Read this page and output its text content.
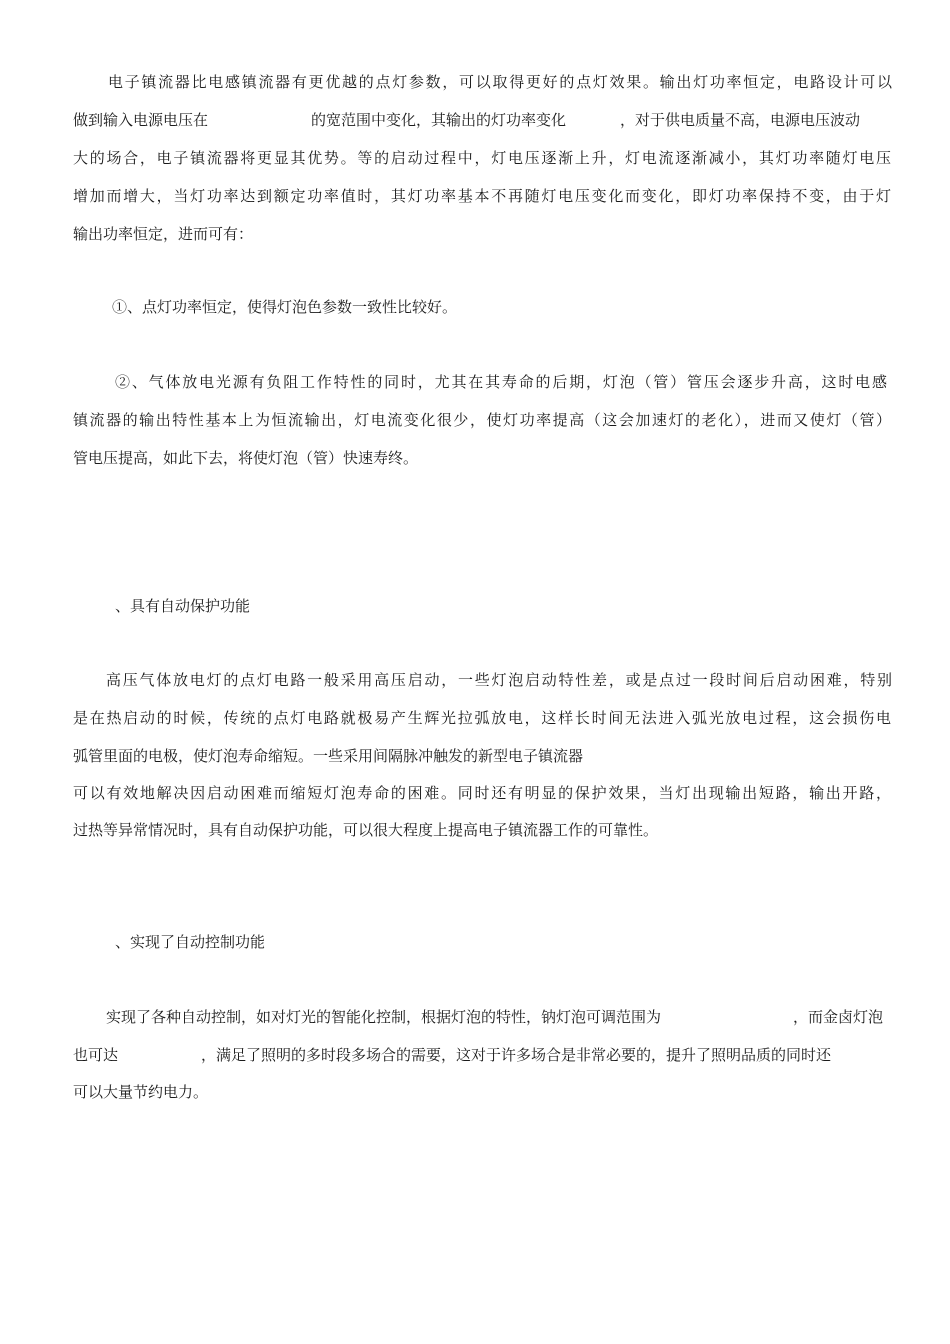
电子镇流器比电感镇流器有更优越的点灯参数，可以取得更好的点灯效果。输出灯功率恒定，电路设计可以
做到输入电源电压在	的宽范围中变化，其输出的灯功率变化	，对于供电质量不高，电源电压波动
大的场合，电子镇流器将更显其优势。等的启动过程中，灯电压逐渐上升，灯电流逐渐减小，其灯功率随灯电压
增加而增大，当灯功率达到额定功率值时，其灯功率基本不再随灯电压变化而变化，即灯功率保持不变，由于灯
输出功率恒定，进而可有：
①、点灯功率恒定，使得灯泡色参数一致性比较好。
②、气体放电光源有负阻工作特性的同时，尤其在其寿命的后期，灯泡（管）管压会逐步升高，这时电感
镇流器的输出特性基本上为恒流输出，灯电流变化很少，使灯功率提高（这会加速灯的老化），进而又使灯（管）
管电压提高，如此下去，将使灯泡（管）快速寿终。
、具有自动保护功能
高压气体放电灯的点灯电路一般采用高压启动，一些灯泡启动特性差，或是点过一段时间后启动困难，特别
是在热启动的时候，传统的点灯电路就极易产生辉光拉弧放电，这样长时间无法进入弧光放电过程，这会损伤电
弧管里面的电极，使灯泡寿命缩短。一些采用间隔脉冲触发的新型电子镇流器
可以有效地解决因启动困难而缩短灯泡寿命的困难。同时还有明显的保护效果，当灯出现输出短路，输出开路，
过热等异常情况时，具有自动保护功能，可以很大程度上提高电子镇流器工作的可靠性。
、实现了自动控制功能
实现了各种自动控制，如对灯光的智能化控制，根据灯泡的特性，钠灯泡可调范围为	，而金卤灯泡
也可达	，满足了照明的多时段多场合的需要，这对于许多场合是非常必要的，提升了照明品质的同时还
可以大量节约电力。
